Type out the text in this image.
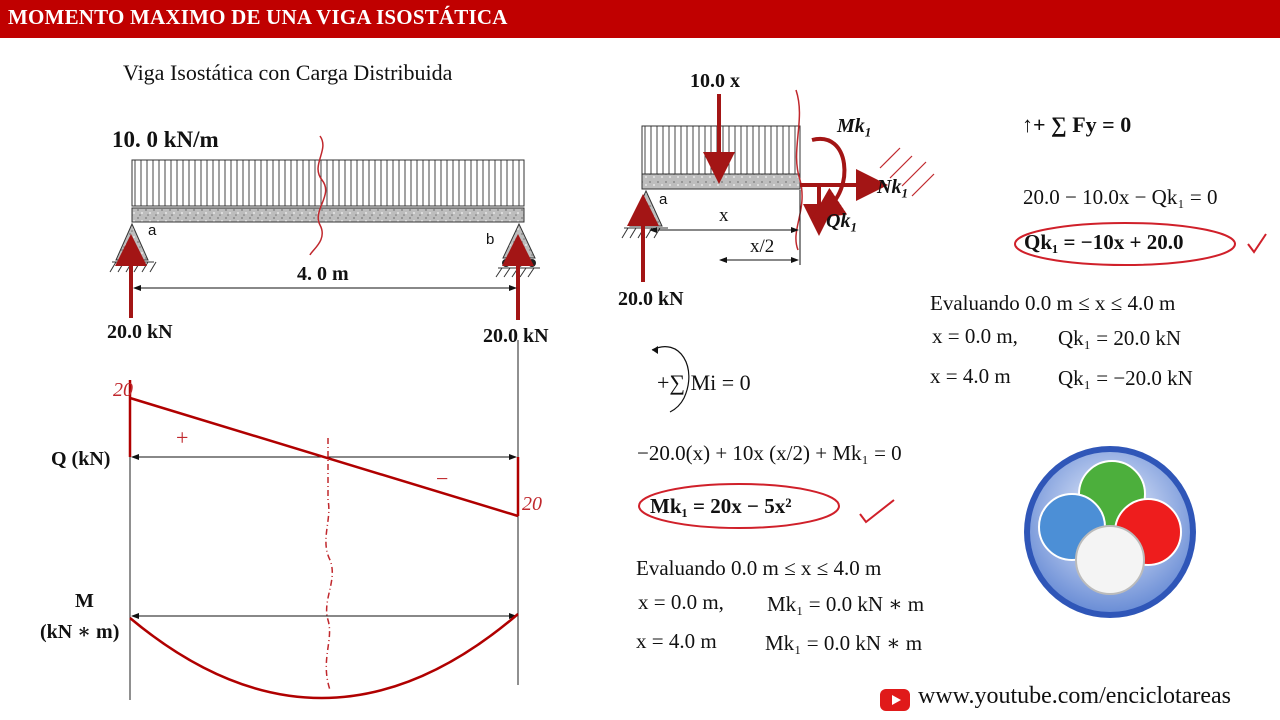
MOMENTO MAXIMO DE UNA VIGA ISOSTÁTICA
+
−
20
20
Viga Isostática con Carga Distribuida
10. 0 kN/m
a
b
4. 0 m
20.0 kN	20.0 kN
Q (kN)
M
(kN ∗ m)
10.0 x
$Mk_1$
$Nk_1$
$Qk_1$
a
x
x/2
20.0 kN
↑+ ∑ Fy = 0
20.0 − 10.0x − Qk₁ = 0
Qk₁ = −10x + 20.0
Evaluando 0.0 m ≤ x ≤ 4.0 m
x = 0.0 m, Qk₁ = 20.0 kN
x = 4.0 m Qk₁ = −20.0 kN
+∑ Mi = 0
−20.0(x) + 10x (x/2) + Mk₁ = 0
Mk₁ = 20x − 5x²
Evaluando 0.0 m ≤ x ≤ 4.0 m
x = 0.0 m, Mk₁ = 0.0 kN ∗ m
x = 4.0 m Mk₁ = 0.0 kN ∗ m
www.youtube.com/enciclotareas
